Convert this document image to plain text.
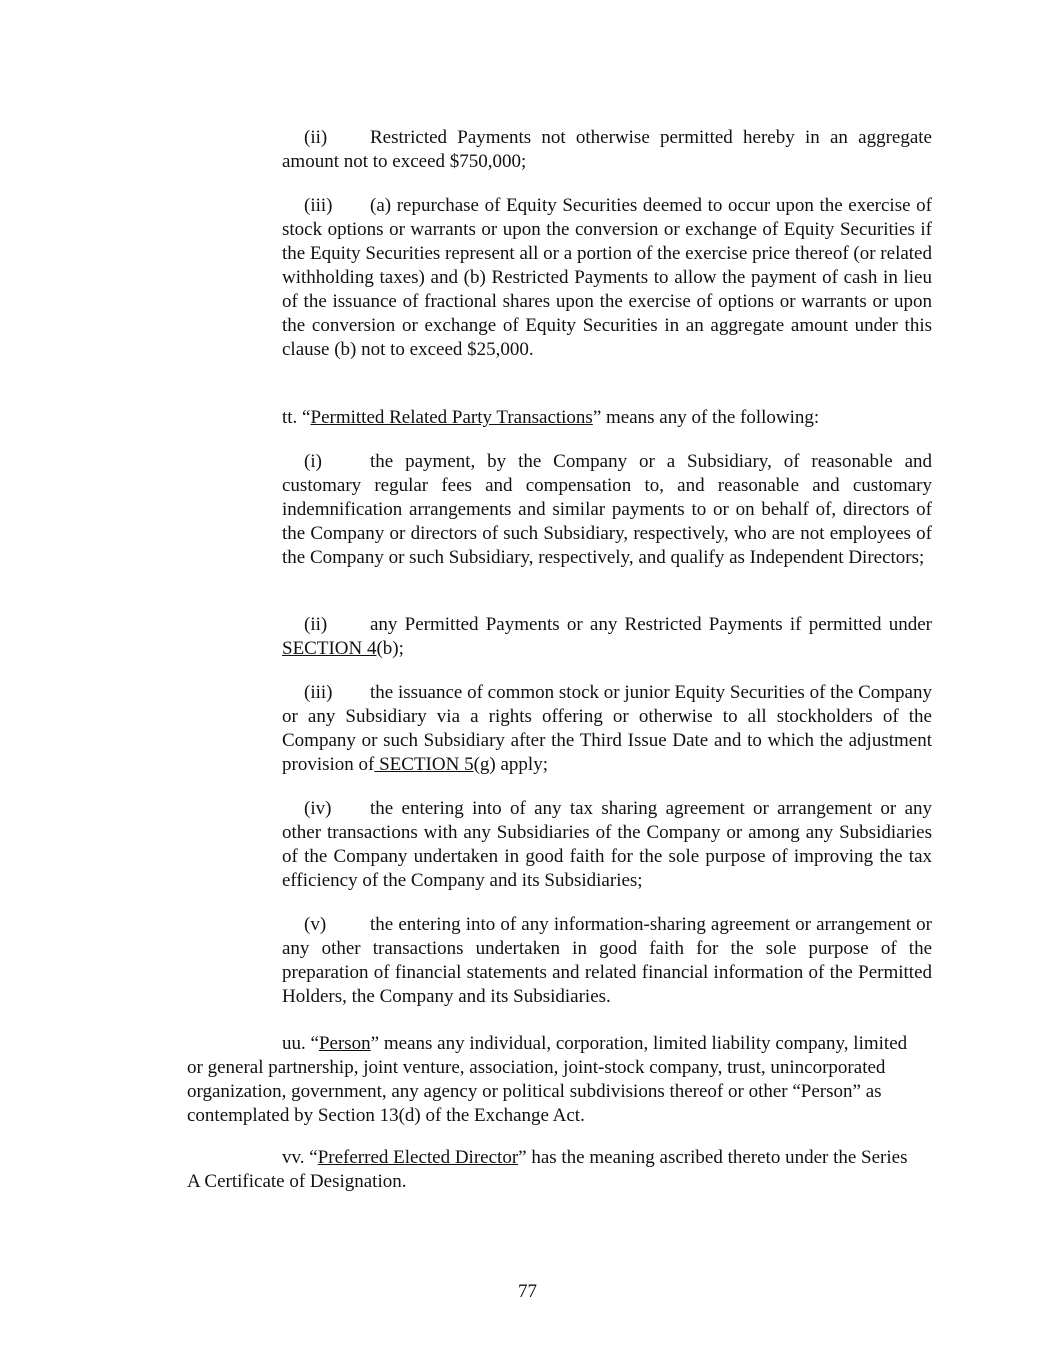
(ii) Restricted Payments not otherwise permitted hereby in an aggregate amount not to exceed $750,000;

(iii) (a) repurchase of Equity Securities deemed to occur upon the exercise of stock options or warrants or upon the conversion or exchange of Equity Securities if the Equity Securities represent all or a portion of the exercise price thereof (or related withholding taxes) and (b) Restricted Payments to allow the payment of cash in lieu of the issuance of fractional shares upon the exercise of options or warrants or upon the conversion or exchange of Equity Securities in an aggregate amount under this clause (b) not to exceed $25,000.

tt. “Permitted Related Party Transactions” means any of the following:

(i)	the payment, by the Company or a Subsidiary, of reasonable and customary regular fees and compensation to, and reasonable and customary indemnification arrangements and similar payments to or on behalf of, directors of the Company or directors of such Subsidiary, respectively, who are not employees of the Company or such Subsidiary, respectively, and qualify as Independent Directors;

(ii) any Permitted Payments or any Restricted Payments if permitted under SECTION 4(b);

(iii) the issuance of common stock or junior Equity Securities of the Company or any Subsidiary via a rights offering or otherwise to all stockholders of the Company or such Subsidiary after the Third Issue Date and to which the adjustment provision of SECTION 5(g) apply;

(iv) the entering into of any tax sharing agreement or arrangement or any other transactions with any Subsidiaries of the Company or among any Subsidiaries of the Company undertaken in good faith for the sole purpose of improving the tax efficiency of the Company and its Subsidiaries;

(v) the entering into of any information-sharing agreement or arrangement or any other transactions undertaken in good faith for the sole purpose of the preparation of financial statements and related financial information of the Permitted Holders, the Company and its Subsidiaries.

uu. “Person” means any individual, corporation, limited liability company, limited or general partnership, joint venture, association, joint-stock company, trust, unincorporated organization, government, any agency or political subdivisions thereof or other “Person” as contemplated by Section 13(d) of the Exchange Act.

vv. “Preferred Elected Director” has the meaning ascribed thereto under the Series A Certificate of Designation.

77
